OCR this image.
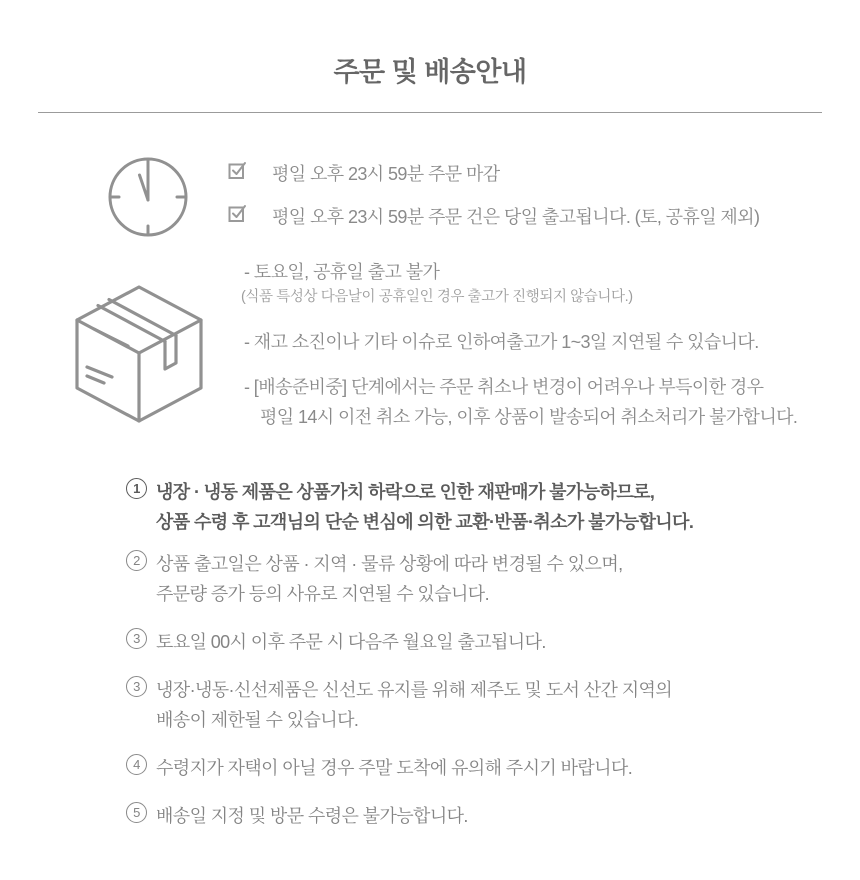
주문 및 배송안내
평일 오후 23시 59분 주문 마감
평일 오후 23시 59분 주문 건은 당일 출고됩니다. (토, 공휴일 제외)
- 토요일, 공휴일 출고 불가
(식품 특성상 다음날이 공휴일인 경우 출고가 진행되지 않습니다.)
- 재고 소진이나 기타 이슈로 인하여출고가 1~3일 지연될 수 있습니다.
- [배송준비중] 단계에서는 주문 취소나 변경이 어려우나 부득이한 경우
평일 14시 이전 취소 가능, 이후 상품이 발송되어 취소처리가 불가합니다.
1 냉장 · 냉동 제품은 상품가치 하락으로 인한 재판매가 불가능하므로,
상품 수령 후 고객님의 단순 변심에 의한 교환·반품·취소가 불가능합니다.
2 상품 출고일은 상품 · 지역 · 물류 상황에 따라 변경될 수 있으며,
주문량 증가 등의 사유로 지연될 수 있습니다.
3 토요일 00시 이후 주문 시 다음주 월요일 출고됩니다.
3 냉장·냉동·신선제품은 신선도 유지를 위해 제주도 및 도서 산간 지역의
배송이 제한될 수 있습니다.
4 수령지가 자택이 아닐 경우 주말 도착에 유의해 주시기 바랍니다.
5 배송일 지정 및 방문 수령은 불가능합니다.
